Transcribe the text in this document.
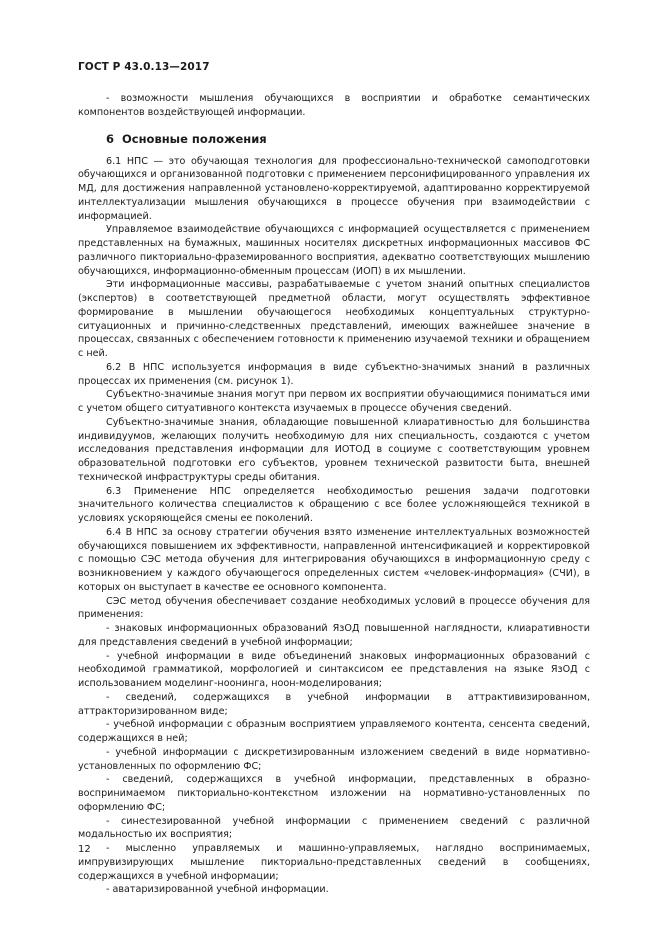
ГОСТ Р 43.0.13—2017

- возможности мышления обучающихся в восприятии и обработке семантических компонентов воздействующей информации.

6 Основные положения

6.1 НПС — это обучающая технология для профессионально-технической самоподготовки обучающихся и организованной подготовки с применением персонифицированного управления их МД, для достижения направленной установлено-корректируемой, адаптированно корректируемой интеллектуализации мышления обучающихся в процессе обучения при взаимодействии с информацией.

Управляемое взаимодействие обучающихся с информацией осуществляется с применением представленных на бумажных, машинных носителях дискретных информационных массивов ФС различного пикториально-фраземированного восприятия, адекватно соответствующих мышлению обучающихся, информационно-обменным процессам (ИОП) в их мышлении.

Эти информационные массивы, разрабатываемые с учетом знаний опытных специалистов (экспертов) в соответствующей предметной области, могут осуществлять эффективное формирование в мышлении обучающегося необходимых концептуальных структурно-ситуационных и причинно-следственных представлений, имеющих важнейшее значение в процессах, связанных с обеспечением готовности к применению изучаемой техники и обращением с ней.

6.2 В НПС используется информация в виде субъектно-значимых знаний в различных процессах их применения (см. рисунок 1).

Субъектно-значимые знания могут при первом их восприятии обучающимися пониматься ими с учетом общего ситуативного контекста изучаемых в процессе обучения сведений.

Субъектно-значимые знания, обладающие повышенной клиаративностью для большинства индивидуумов, желающих получить необходимую для них специальность, создаются с учетом исследования представления информации для ИОТОД в социуме с соответствующим уровнем образовательной подготовки его субъектов, уровнем технической развитости быта, внешней технической инфраструктуры среды обитания.

6.3 Применение НПС определяется необходимостью решения задачи подготовки значительного количества специалистов к обращению с все более усложняющейся техникой в условиях ускоряющейся смены ее поколений.

6.4 В НПС за основу стратегии обучения взято изменение интеллектуальных возможностей обучающихся повышением их эффективности, направленной интенсификацией и корректировкой с помощью СЭС метода обучения для интегрирования обучающихся в информационную среду с возникновением у каждого обучающегося определенных систем «человек-информация» (СЧИ), в которых он выступает в качестве ее основного компонента.

СЭС метод обучения обеспечивает создание необходимых условий в процессе обучения для применения:

- знаковых информационных образований ЯзОД повышенной наглядности, клиаративности для представления сведений в учебной информации;

- учебной информации в виде объединений знаковых информационных образований с необходимой грамматикой, морфологией и синтаксисом ее представления на языке ЯзОД с использованием моделинг-ноонинга, ноон-моделирования;

- сведений, содержащихся в учебной информации в аттрактивизированном, аттракторизированном виде;

- учебной информации с образным восприятием управляемого контента, сенсента сведений, содержащихся в ней;

- учебной информации с дискретизированным изложением сведений в виде нормативно-установленных по оформлению ФС;

- сведений, содержащихся в учебной информации, представленных в образно-воспринимаемом пикториально-контекстном изложении на нормативно-установленных по оформлению ФС;

- синестезированной учебной информации с применением сведений с различной модальностью их восприятия;

- мысленно управляемых и машинно-управляемых, наглядно воспринимаемых, импрувизирующих мышление пикториально-представленных сведений в сообщениях, содержащихся в учебной информации;

- аватаризированной учебной информации.

12
